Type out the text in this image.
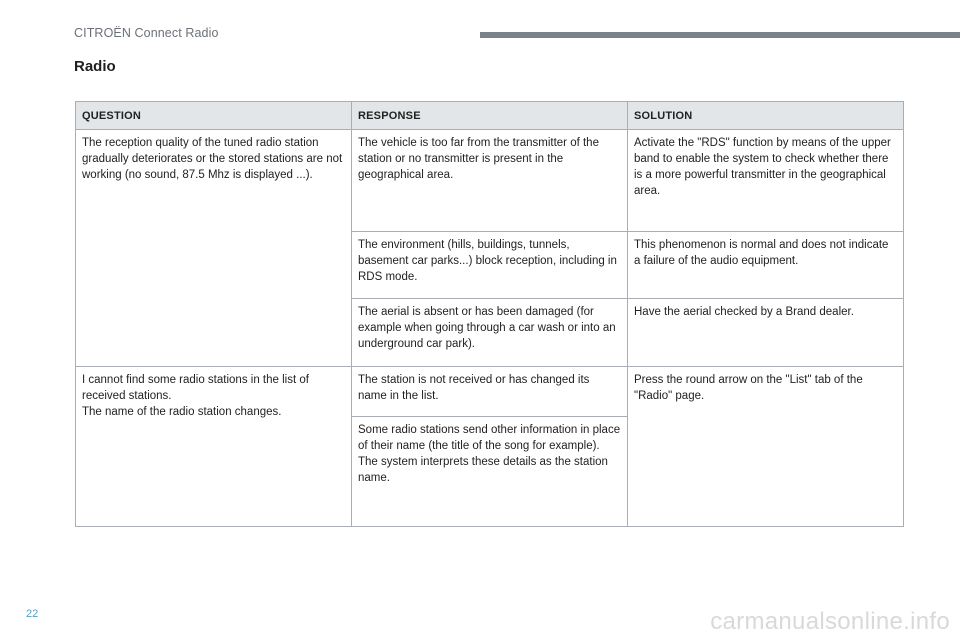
CITROËN Connect Radio
Radio
QUESTION	RESPONSE	SOLUTION
The reception quality of the tuned radio station gradually deteriorates or the stored stations are not working (no sound, 87.5 Mhz is displayed ...).	The vehicle is too far from the transmitter of the station or no transmitter is present in the geographical area.	Activate the "RDS" function by means of the upper band to enable the system to check whether there is a more powerful transmitter in the geographical area.
	The environment (hills, buildings, tunnels, basement car parks...) block reception, including in RDS mode.	This phenomenon is normal and does not indicate a failure of the audio equipment.
	The aerial is absent or has been damaged (for example when going through a car wash or into an underground car park).	Have the aerial checked by a Brand dealer.

I cannot find some radio stations in the list of received stations.
The name of the radio station changes.	The station is not received or has changed its name in the list.	Press the round arrow on the "List" tab of the "Radio" page.

	Some radio stations send other information in place of their name (the title of the song for example).
The system interprets these details as the station name.	
22	carmanualsonline.info
